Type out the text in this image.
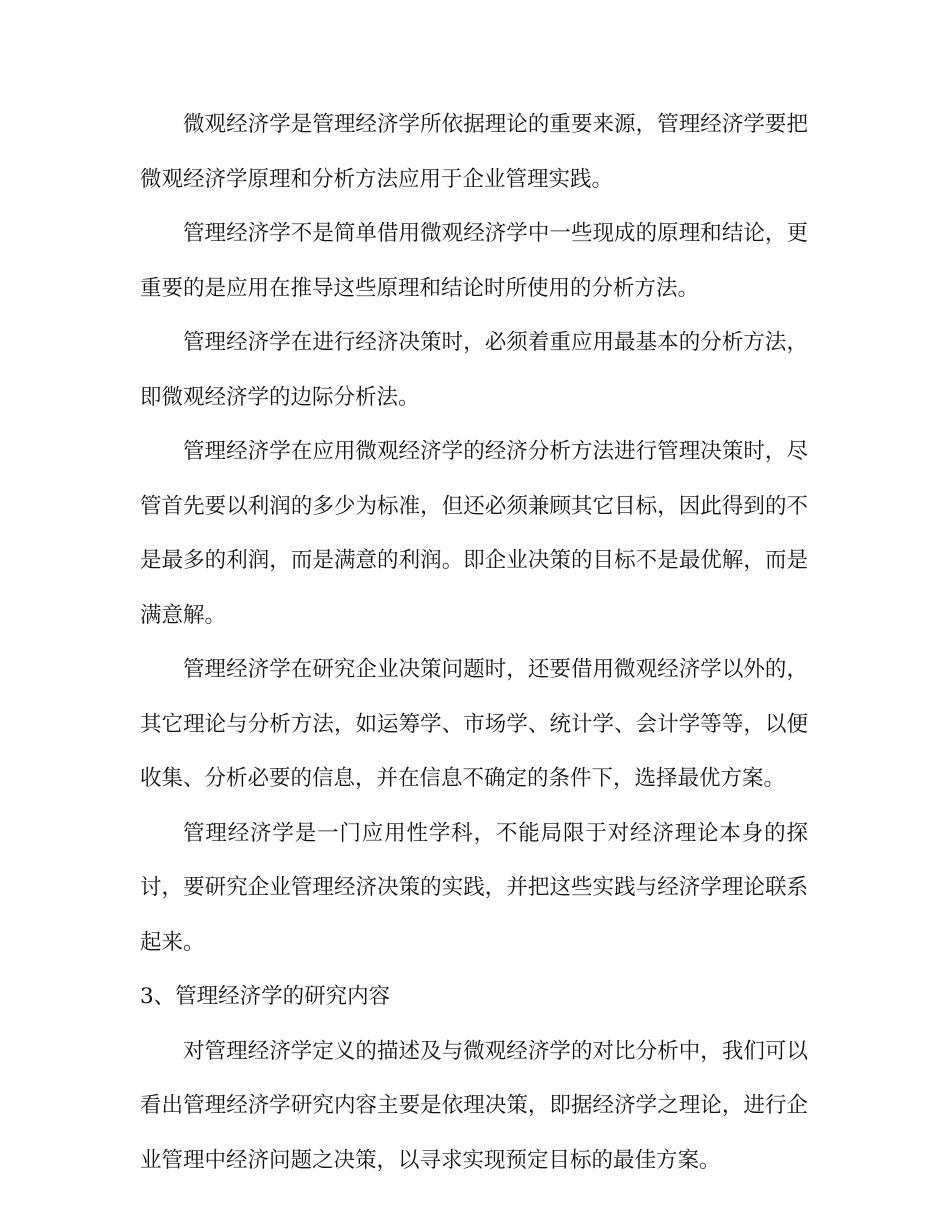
微观经济学是管理经济学所依据理论的重要来源，管理经济学要把微观经济学原理和分析方法应用于企业管理实践。

管理经济学不是简单借用微观经济学中一些现成的原理和结论，更重要的是应用在推导这些原理和结论时所使用的分析方法。

管理经济学在进行经济决策时，必须着重应用最基本的分析方法，即微观经济学的边际分析法。

管理经济学在应用微观经济学的经济分析方法进行管理决策时，尽管首先要以利润的多少为标准，但还必须兼顾其它目标，因此得到的不是最多的利润，而是满意的利润。即企业决策的目标不是最优解，而是满意解。

管理经济学在研究企业决策问题时，还要借用微观经济学以外的，其它理论与分析方法，如运筹学、市场学、统计学、会计学等等，以便收集、分析必要的信息，并在信息不确定的条件下，选择最优方案。

管理经济学是一门应用性学科，不能局限于对经济理论本身的探讨，要研究企业管理经济决策的实践，并把这些实践与经济学理论联系起来。

3、管理经济学的研究内容

对管理经济学定义的描述及与微观经济学的对比分析中，我们可以看出管理经济学研究内容主要是依理决策，即据经济学之理论，进行企业管理中经济问题之决策，以寻求实现预定目标的最佳方案。
